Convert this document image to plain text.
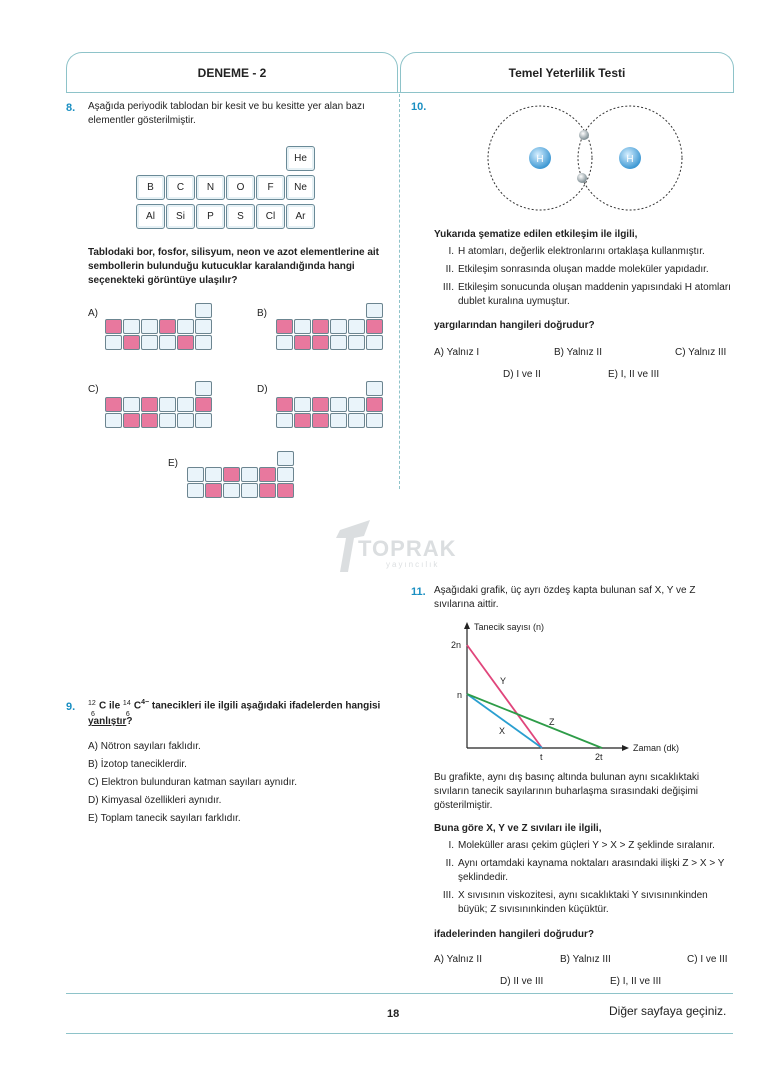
DENEME - 2	Temel Yeterlilik Testi
8. Aşağıda periyodik tablodan bir kesit ve bu kesitte yer alan bazı elementler gösterilmiştir.
He
B	C	N	O	F	Ne
Al	Si	P	S	Cl	Ar
Tablodaki bor, fosfor, silisyum, neon ve azot elementlerine ait sembollerin bulunduğu kutucuklar karalandığında hangi seçenekteki görüntüye ulaşılır?
A)	B)
C)	D)
E)
TOPRAK
yayıncılık
9. 12
6
C ile 14
6
$C^{4-}$ tanecikleri ile ilgili aşağıdaki ifadelerden hangisi yanlıştır?
A) Nötron sayıları faklıdır.
B) İzotop taneciklerdir.
C) Elektron bulunduran katman sayıları aynıdır.
D) Kimyasal özellikleri aynıdır.
E) Toplam tanecik sayıları farklıdır.
10.
H	H
Yukarıda şematize edilen etkileşim ile ilgili,
I. H atomları, değerlik elektronlarını ortaklaşa kullanmıştır.
II. Etkileşim sonrasında oluşan madde moleküler yapıdadır.
III. Etkileşim sonucunda oluşan maddenin yapısındaki H atomları dublet kuralına uymuştur.
yargılarından hangileri doğrudur?
A) Yalnız I	B) Yalnız II	C) Yalnız III
D) I ve II	E) I, II ve III
11. Aşağıdaki grafik, üç ayrı özdeş kapta bulunan saf X, Y ve Z sıvılarına aittir.
Tanecik sayısı (n)
Zaman (dk)
2n
n
t	2t
X
Y
Z
Bu grafikte, aynı dış basınç altında bulunan aynı sıcaklıktaki sıvıların tanecik sayılarının buharlaşma sırasındaki değişimi gösterilmiştir.
Buna göre X, Y ve Z sıvıları ile ilgili,
I. Moleküller arası çekim güçleri Y > X > Z şeklinde sıralanır.
II. Aynı ortamdaki kaynama noktaları arasındaki ilişki Z > X > Y şeklindedir.
III. X sıvısının viskozitesi, aynı sıcaklıktaki Y sıvısınınkinden büyük; Z sıvısınınkinden küçüktür.
ifadelerinden hangileri doğrudur?
A) Yalnız II	B) Yalnız III	C) I ve III
D) II ve III	E) I, II ve III
18	Diğer sayfaya geçiniz.
